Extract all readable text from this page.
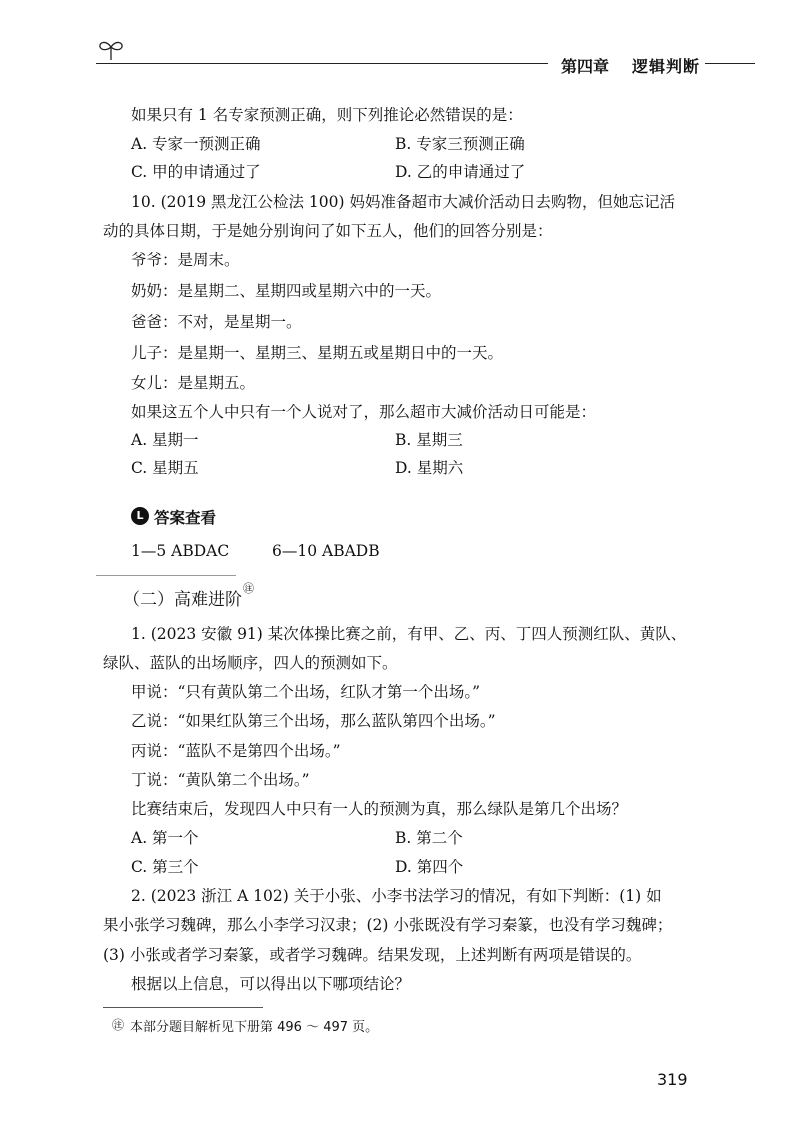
第四章 逻辑判断
如果只有 1 名专家预测正确，则下列推论必然错误的是：
A. 专家一预测正确	B. 专家三预测正确
C. 甲的申请通过了	D. 乙的申请通过了
10. (2019 黑龙江公检法 100) 妈妈准备超市大减价活动日去购物，但她忘记活
动的具体日期，于是她分别询问了如下五人，他们的回答分别是：
爷爷：是周末。
奶奶：是星期二、星期四或星期六中的一天。
爸爸：不对，是星期一。
儿子：是星期一、星期三、星期五或星期日中的一天。
女儿：是星期五。
如果这五个人中只有一个人说对了，那么超市大减价活动日可能是：
A. 星期一	B. 星期三
C. 星期五	D. 星期六
L 答案查看
1—5 ABDAC	6—10 ABADB
（二）高难进阶
㊟
1. (2023 安徽 91) 某次体操比赛之前，有甲、乙、丙、丁四人预测红队、黄队、
绿队、蓝队的出场顺序，四人的预测如下。
甲说：“只有黄队第二个出场，红队才第一个出场。”
乙说：“如果红队第三个出场，那么蓝队第四个出场。”
丙说：“蓝队不是第四个出场。”
丁说：“黄队第二个出场。”
比赛结束后，发现四人中只有一人的预测为真，那么绿队是第几个出场？
A. 第一个	B. 第二个
C. 第三个	D. 第四个
2. (2023 浙江 A 102) 关于小张、小李书法学习的情况，有如下判断：(1) 如
果小张学习魏碑，那么小李学习汉隶；(2) 小张既没有学习秦篆，也没有学习魏碑；
(3) 小张或者学习秦篆，或者学习魏碑。结果发现，上述判断有两项是错误的。
根据以上信息，可以得出以下哪项结论？
㊟ 本部分题目解析见下册第 496 ～ 497 页。
319
